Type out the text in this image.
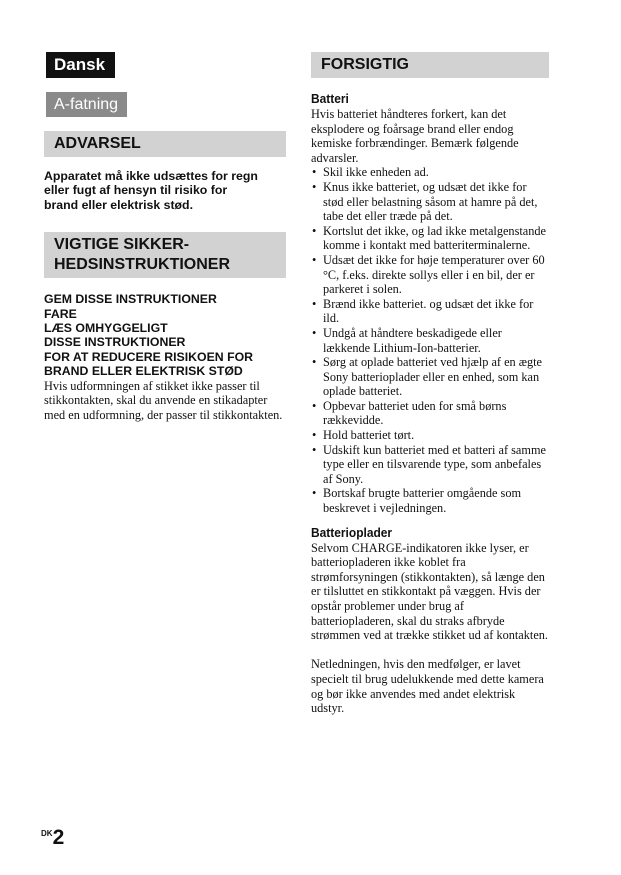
Dansk
A-fatning
ADVARSEL

Apparatet må ikke udsættes for regn
eller fugt af hensyn til risiko for
brand eller elektrisk stød.

VIGTIGE SIKKER-
HEDSINSTRUKTIONER

GEM DISSE INSTRUKTIONER
FARE
LÆS OMHYGGELIGT
DISSE INSTRUKTIONER
FOR AT REDUCERE RISIKOEN FOR
BRAND ELLER ELEKTRISK STØD

Hvis udformningen af stikket ikke passer til stikkontakten, skal du anvende en stikadapter med en udformning, der passer til stikkontakten.

FORSIGTIG
Batteri

Hvis batteriet håndteres forkert, kan det eksplodere og foårsage brand eller endog kemiske forbrændinger. Bemærk følgende advarsler.

• Skil ikke enheden ad.
• Knus ikke batteriet, og udsæt det ikke for stød eller belastning såsom at hamre på det, tabe det eller træde på det.
• Kortslut det ikke, og lad ikke metalgenstande komme i kontakt med batteriterminalerne.
• Udsæt det ikke for høje temperaturer over 60 °C, f.eks. direkte sollys eller i en bil, der er parkeret i solen.
• Brænd ikke batteriet. og udsæt det ikke for ild.
• Undgå at håndtere beskadigede eller lækkende Lithium-Ion-batterier.
• Sørg at oplade batteriet ved hjælp af en ægte Sony batterioplader eller en enhed, som kan oplade batteriet.
• Opbevar batteriet uden for små børns rækkevidde.
• Hold batteriet tørt.
• Udskift kun batteriet med et batteri af samme type eller en tilsvarende type, som anbefales af Sony.
• Bortskaf brugte batterier omgående som beskrevet i vejledningen.
Batterioplader

Selvom CHARGE-indikatoren ikke lyser, er batteriopladeren ikke koblet fra strømforsyningen (stikkontakten), så længe den er tilsluttet en stikkontakt på væggen. Hvis der opstår problemer under brug af batteriopladeren, skal du straks afbryde strømmen ved at trække stikket ud af kontakten.

Netledningen, hvis den medfølger, er lavet specielt til brug udelukkende med dette kamera og bør ikke anvendes med andet elektrisk udstyr.

$^{DK}$2
